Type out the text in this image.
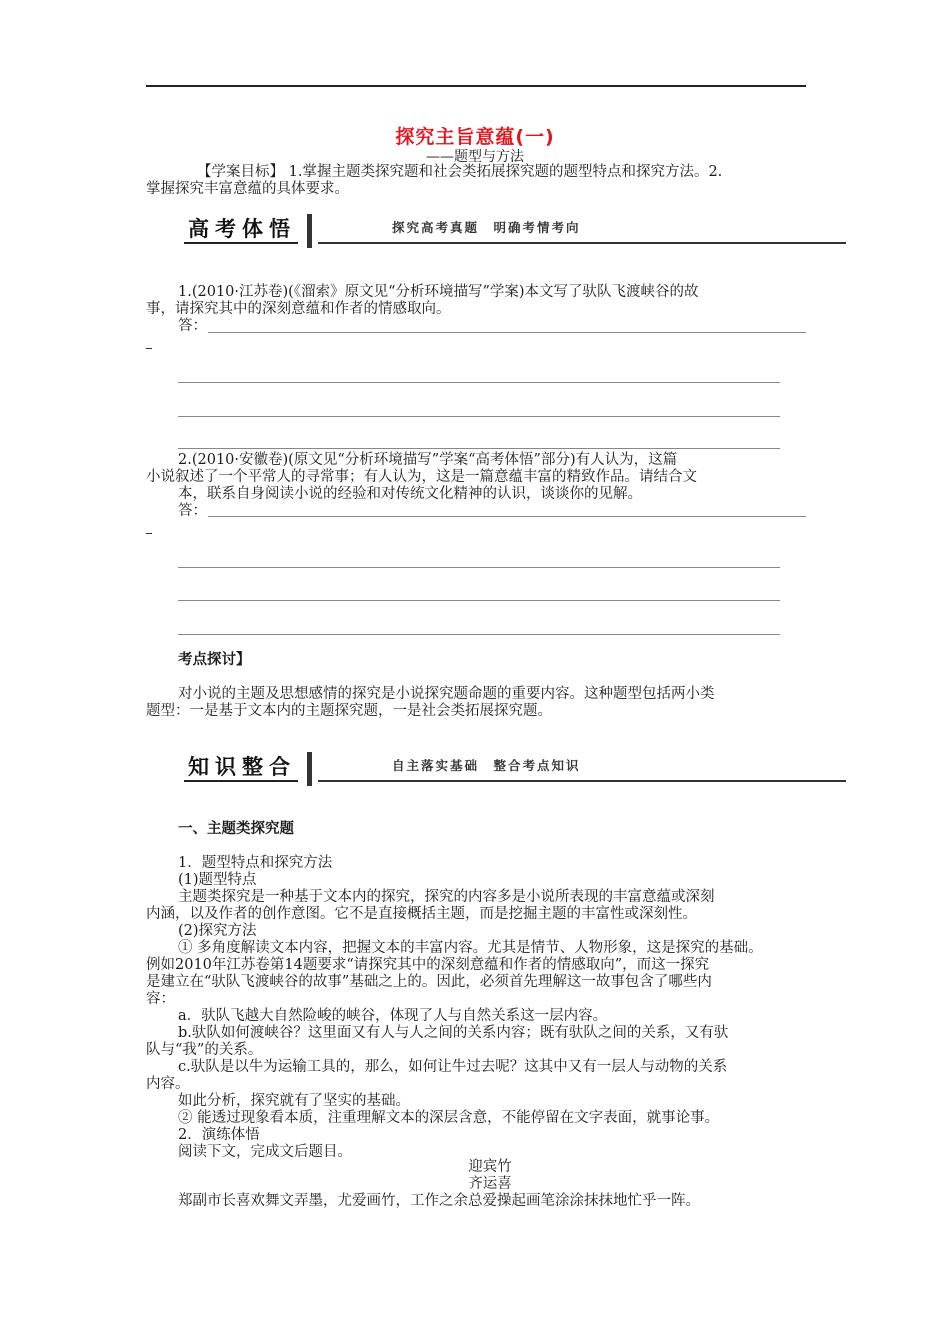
探究主旨意蕴(一)
——题型与方法
【学案目标】 1.掌握主题类探究题和社会类拓展探究题的题型特点和探究方法。2.
掌握探究丰富意蕴的具体要求。
高考体悟	探究高考真题　明确考情考向
1.(2010·江苏卷)(《溜索》原文见“分析环境描写”学案)本文写了驮队飞渡峡谷的故
事，请探究其中的深刻意蕴和作者的情感取向。
答：
2.(2010·安徽卷)(原文见“分析环境描写”学案“高考体悟”部分)有人认为，这篇
小说叙述了一个平常人的寻常事；有人认为，这是一篇意蕴丰富的精致作品。请结合文
本，联系自身阅读小说的经验和对传统文化精神的认识，谈谈你的见解。
答：
考点探讨】
对小说的主题及思想感情的探究是小说探究题命题的重要内容。这种题型包括两小类
题型：一是基于文本内的主题探究题，一是社会类拓展探究题。
知识整合	自主落实基础　整合考点知识
一、主题类探究题
1．题型特点和探究方法
(1)题型特点
主题类探究是一种基于文本内的探究，探究的内容多是小说所表现的丰富意蕴或深刻
内涵，以及作者的创作意图。它不是直接概括主题，而是挖掘主题的丰富性或深刻性。
(2)探究方法
① 多角度解读文本内容，把握文本的丰富内容。尤其是情节、人物形象，这是探究的基础。
例如2010年江苏卷第14题要求“请探究其中的深刻意蕴和作者的情感取向”，而这一探究
是建立在“驮队飞渡峡谷的故事”基础之上的。因此，必须首先理解这一故事包含了哪些内
容：
a．驮队飞越大自然险峻的峡谷，体现了人与自然关系这一层内容。
b.驮队如何渡峡谷？这里面又有人与人之间的关系内容；既有驮队之间的关系，又有驮
队与“我”的关系。
c.驮队是以牛为运输工具的，那么，如何让牛过去呢？这其中又有一层人与动物的关系
内容。
如此分析，探究就有了坚实的基础。
② 能透过现象看本质，注重理解文本的深层含意，不能停留在文字表面，就事论事。
2．演练体悟
阅读下文，完成文后题目。
迎宾竹
齐运喜
郑副市长喜欢舞文弄墨，尤爱画竹，工作之余总爱操起画笔涂涂抹抹地忙乎一阵。
